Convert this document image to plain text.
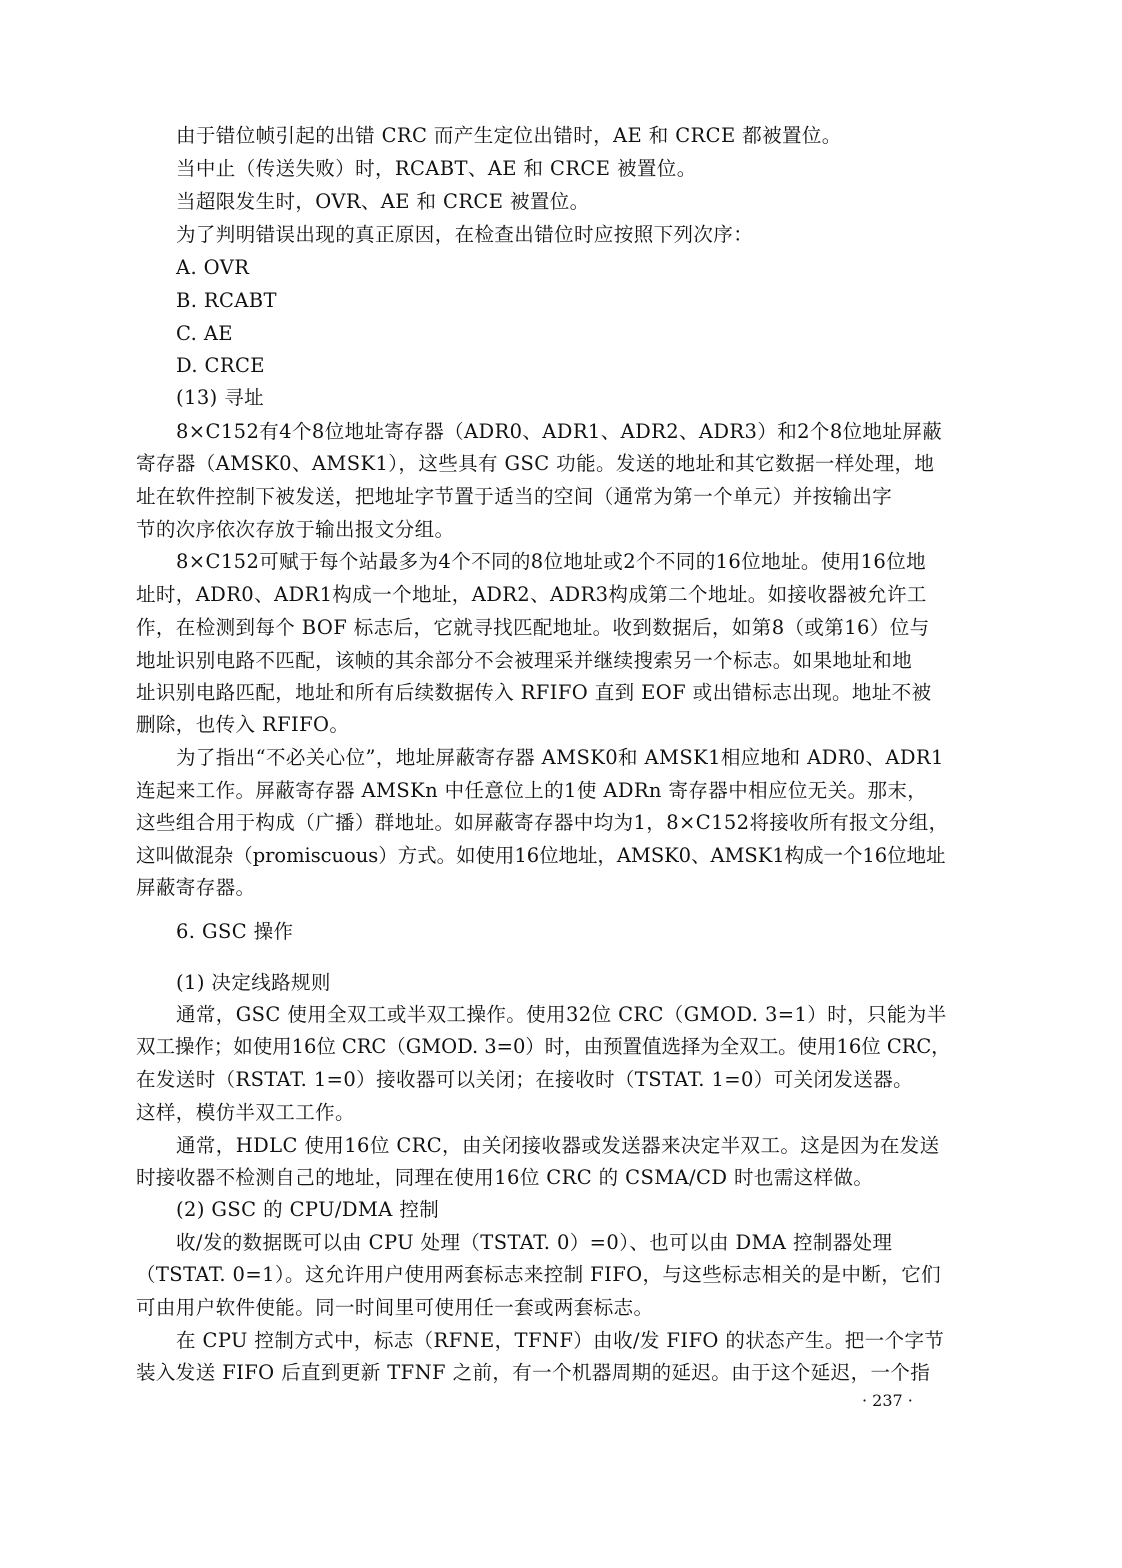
由于错位帧引起的出错 CRC 而产生定位出错时，AE 和 CRCE 都被置位。

当中止（传送失败）时，RCABT、AE 和 CRCE 被置位。

当超限发生时，OVR、AE 和 CRCE 被置位。

为了判明错误出现的真正原因，在检查出错位时应按照下列次序：

A. OVR

B. RCABT

C. AE

D. CRCE

(13) 寻址

8×C152有4个8位地址寄存器（ADR0、ADR1、ADR2、ADR3）和2个8位地址屏蔽

寄存器（AMSK0、AMSK1），这些具有 GSC 功能。发送的地址和其它数据一样处理，地

址在软件控制下被发送，把地址字节置于适当的空间（通常为第一个单元）并按输出字

节的次序依次存放于输出报文分组。

8×C152可赋于每个站最多为4个不同的8位地址或2个不同的16位地址。使用16位地

址时，ADR0、ADR1构成一个地址，ADR2、ADR3构成第二个地址。如接收器被允许工

作，在检测到每个 BOF 标志后，它就寻找匹配地址。收到数据后，如第8（或第16）位与

地址识别电路不匹配，该帧的其余部分不会被理采并继续搜索另一个标志。如果地址和地

址识别电路匹配，地址和所有后续数据传入 RFIFO 直到 EOF 或出错标志出现。地址不被

删除，也传入 RFIFO。

为了指出“不必关心位”，地址屏蔽寄存器 AMSK0和 AMSK1相应地和 ADR0、ADR1

连起来工作。屏蔽寄存器 AMSKn 中任意位上的1使 ADRn 寄存器中相应位无关。那末，

这些组合用于构成（广播）群地址。如屏蔽寄存器中均为1，8×C152将接收所有报文分组，

这叫做混杂（promiscuous）方式。如使用16位地址，AMSK0、AMSK1构成一个16位地址

屏蔽寄存器。

6. GSC 操作

(1) 决定线路规则

通常，GSC 使用全双工或半双工操作。使用32位 CRC（GMOD. 3=1）时，只能为半

双工操作；如使用16位 CRC（GMOD. 3=0）时，由预置值选择为全双工。使用16位 CRC，

在发送时（RSTAT. 1=0）接收器可以关闭；在接收时（TSTAT. 1=0）可关闭发送器。

这样，模仿半双工工作。

通常，HDLC 使用16位 CRC，由关闭接收器或发送器来决定半双工。这是因为在发送

时接收器不检测自己的地址，同理在使用16位 CRC 的 CSMA/CD 时也需这样做。

(2) GSC 的 CPU/DMA 控制

收/发的数据既可以由 CPU 处理（TSTAT. 0）=0）、也可以由 DMA 控制器处理

（TSTAT. 0=1）。这允许用户使用两套标志来控制 FIFO，与这些标志相关的是中断，它们

可由用户软件使能。同一时间里可使用任一套或两套标志。

在 CPU 控制方式中，标志（RFNE，TFNF）由收/发 FIFO 的状态产生。把一个字节

装入发送 FIFO 后直到更新 TFNF 之前，有一个机器周期的延迟。由于这个延迟，一个指

· 237 ·
